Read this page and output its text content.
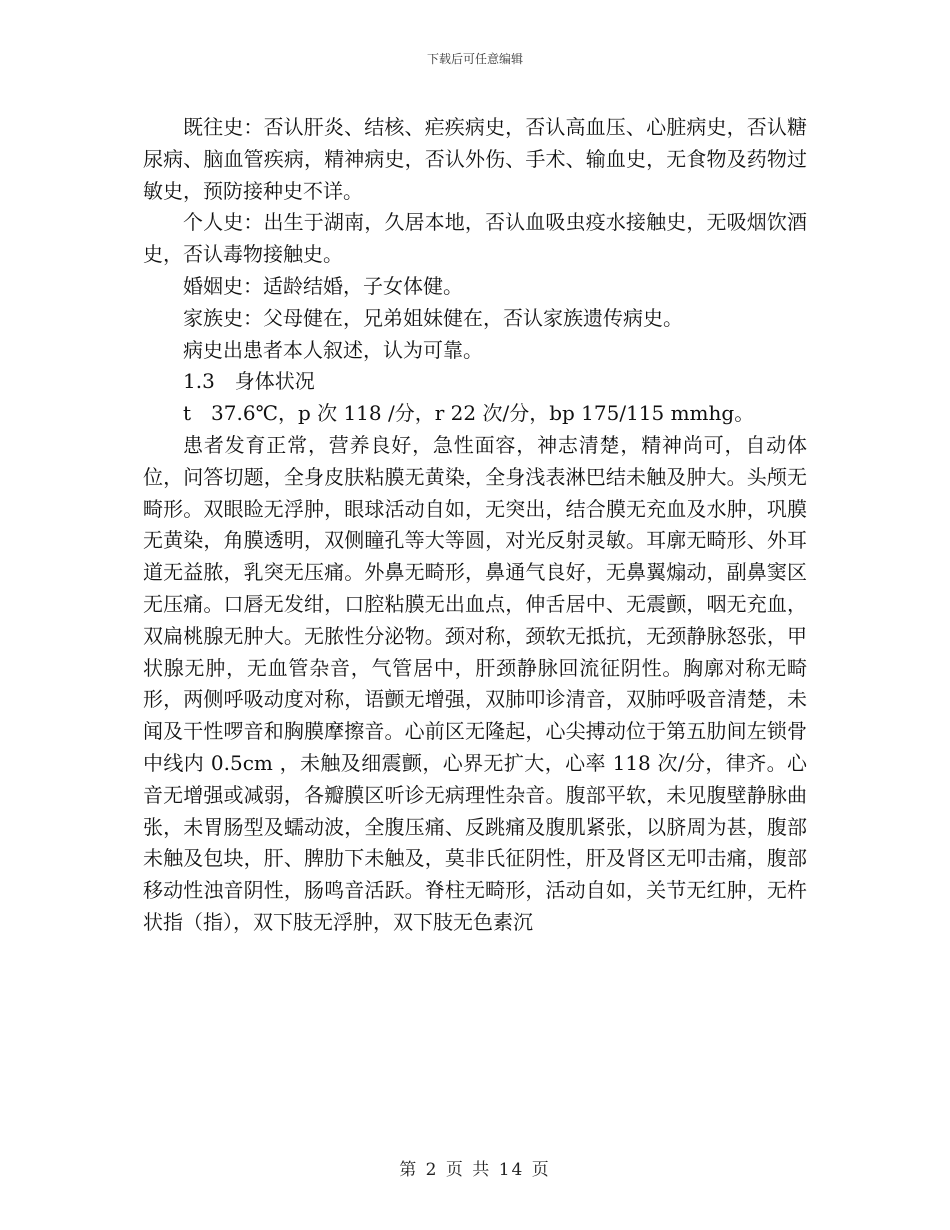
下载后可任意编辑

既往史：否认肝炎、结核、疟疾病史，否认高血压、心脏病史，否认糖尿病、脑血管疾病，精神病史，否认外伤、手术、输血史，无食物及药物过敏史，预防接种史不详。

个人史：出生于湖南，久居本地，否认血吸虫疫水接触史，无吸烟饮酒史，否认毒物接触史。

婚姻史：适龄结婚，子女体健。

家族史：父母健在，兄弟姐妹健在，否认家族遗传病史。

病史出患者本人叙述，认为可靠。

1.3　身体状况

t　37.6℃，p 次 118 /分，r 22 次/分，bp 175/115 mmhg。

患者发育正常，营养良好，急性面容，神志清楚，精神尚可，自动体位，问答切题，全身皮肤粘膜无黄染，全身浅表淋巴结未触及肿大。头颅无畸形。双眼睑无浮肿，眼球活动自如，无突出，结合膜无充血及水肿，巩膜无黄染，角膜透明，双侧瞳孔等大等圆，对光反射灵敏。耳廓无畸形、外耳道无益脓，乳突无压痛。外鼻无畸形，鼻通气良好，无鼻翼煽动，副鼻窦区无压痛。口唇无发绀，口腔粘膜无出血点，伸舌居中、无震颤，咽无充血，双扁桃腺无肿大。无脓性分泌物。颈对称，颈软无抵抗，无颈静脉怒张，甲状腺无肿，无血管杂音，气管居中，肝颈静脉回流征阴性。胸廓对称无畸形，两侧呼吸动度对称，语颤无增强，双肺叩诊清音，双肺呼吸音清楚，未闻及干性啰音和胸膜摩擦音。心前区无隆起，心尖搏动位于第五肋间左锁骨中线内 0.5cm ，未触及细震颤，心界无扩大，心率 118 次/分，律齐。心音无增强或减弱，各瓣膜区听诊无病理性杂音。腹部平软，未见腹壁静脉曲张，未胃肠型及蠕动波，全腹压痛、反跳痛及腹肌紧张，以脐周为甚，腹部未触及包块，肝、脾肋下未触及，莫非氏征阴性，肝及肾区无叩击痛，腹部移动性浊音阴性，肠鸣音活跃。脊柱无畸形，活动自如，关节无红肿，无杵状指（指），双下肢无浮肿，双下肢无色素沉

第 2 页 共 14 页
